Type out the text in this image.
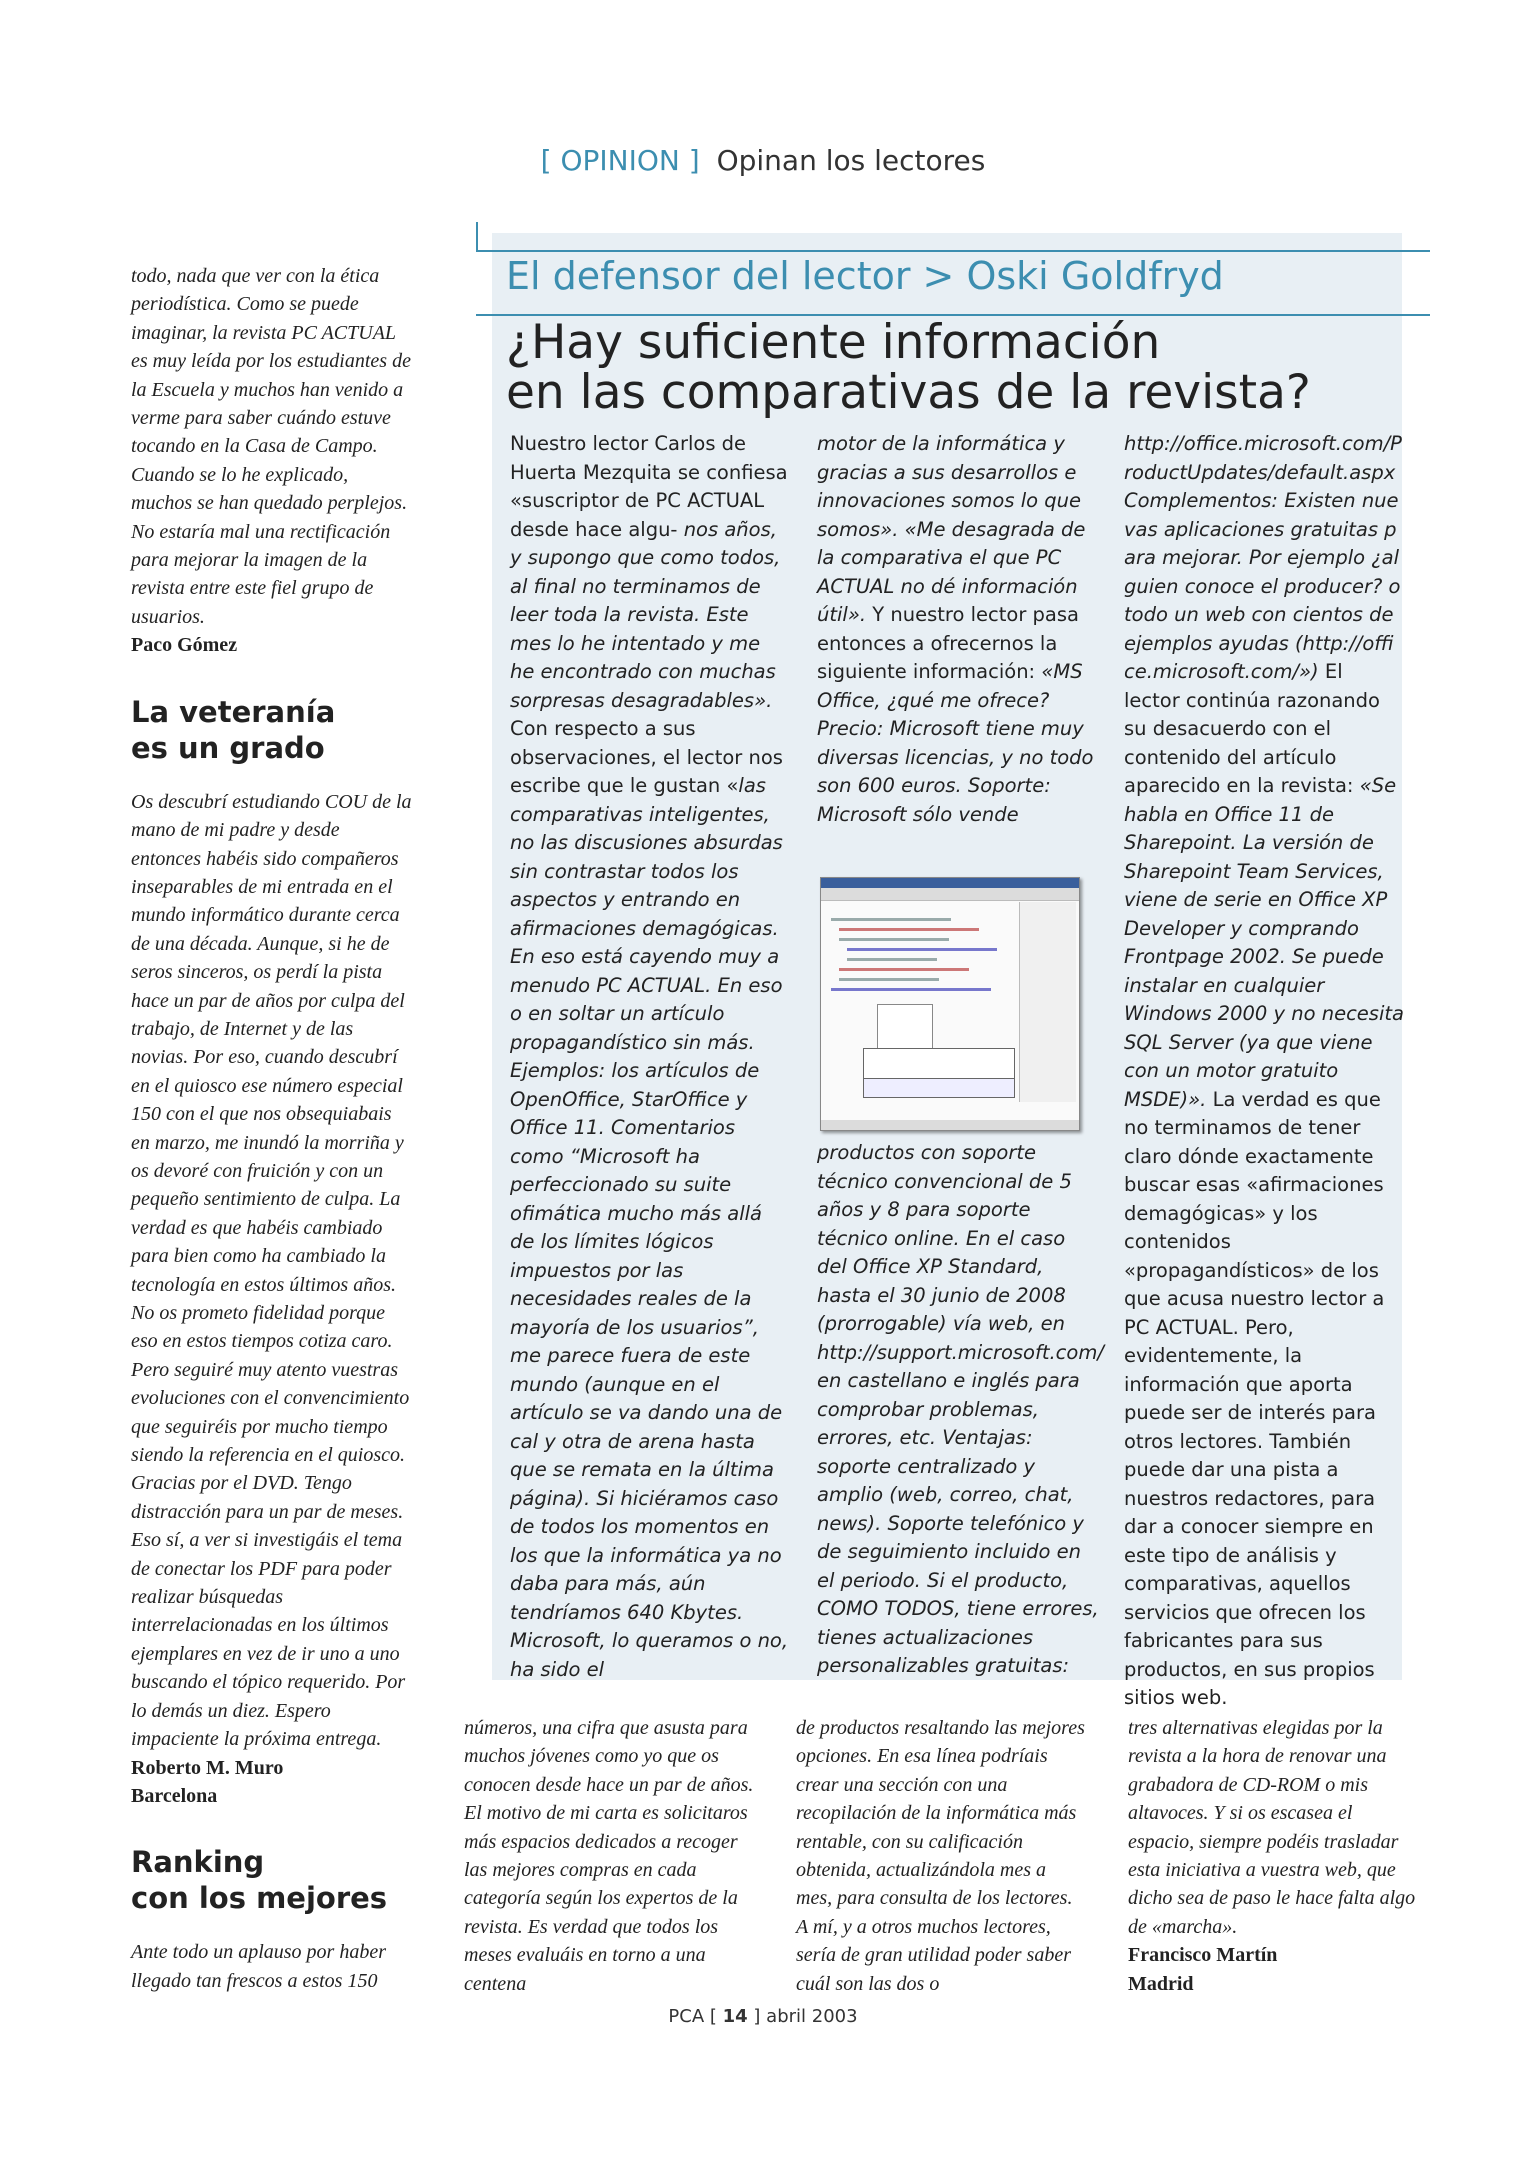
[ OPINION ] Opinan los lectores

todo, nada que ver con la ética periodística. Como se puede imaginar, la revista PC ACTUAL es muy leída por los estudiantes de la Escuela y muchos han venido a verme para saber cuándo estuve tocando en la Casa de Campo. Cuando se lo he explicado, muchos se han quedado perplejos. No estaría mal una rectificación para mejorar la imagen de la revista entre este fiel grupo de usuarios.

Paco Gómez

La veteranía
es un grado

Os descubrí estudiando COU de la mano de mi padre y desde entonces habéis sido compañeros inseparables de mi entrada en el mundo informático durante cerca de una década. Aunque, si he de seros sinceros, os perdí la pista hace un par de años por culpa del trabajo, de Internet y de las novias. Por eso, cuando descubrí en el quiosco ese número especial 150 con el que nos obsequiabais en marzo, me inundó la morriña y os devoré con fruición y con un pequeño sentimiento de culpa. La verdad es que habéis cambiado para bien como ha cambiado la tecnología en estos últimos años. No os prometo fidelidad porque eso en estos tiempos cotiza caro. Pero seguiré muy atento vuestras evoluciones con el convencimiento que seguiréis por mucho tiempo siendo la referencia en el quiosco. Gracias por el DVD. Tengo distracción para un par de meses. Eso sí, a ver si investigáis el tema de conectar los PDF para poder realizar búsquedas interrelacionadas en los últimos ejemplares en vez de ir uno a uno buscando el tópico requerido. Por lo demás un diez. Espero impaciente la próxima entrega.

Roberto M. Muro

Barcelona

Ranking
con los mejores

Ante todo un aplauso por haber llegado tan frescos a estos 150

El defensor del lector > Oski Goldfryd
¿Hay suficiente información
en las comparativas de la revista?
Nuestro lector Carlos de Huerta Mezquita se confiesa «suscriptor de PC ACTUAL desde hace algu- nos años, y supongo que como todos, al final no terminamos de leer toda la revista. Este mes lo he intentado y me he encontrado con muchas sorpresas desagradables». Con respecto a sus observaciones, el lector nos escribe que le gustan «las comparativas inteligentes, no las discusiones absurdas sin contrastar todos los aspectos y entrando en afirmaciones demagógicas. En eso está cayendo muy a menudo PC ACTUAL. En eso o en soltar un artículo propagandístico sin más. Ejemplos: los artículos de OpenOffice, StarOffice y Office 11. Comentarios como “Microsoft ha perfeccionado su suite ofimática mucho más allá de los límites lógicos impuestos por las necesidades reales de la mayoría de los usuarios”, me parece fuera de este mundo (aunque en el artículo se va dando una de cal y otra de arena hasta que se remata en la última página). Si hiciéramos caso de todos los momentos en los que la informática ya no daba para más, aún tendríamos 640 Kbytes. Microsoft, lo queramos o no, ha sido el
motor de la informática y gracias a sus desarrollos e innovaciones somos lo que somos». «Me desagrada de la comparativa el que PC ACTUAL no dé información útil». Y nuestro lector pasa entonces a ofrecernos la siguiente información: «MS Office, ¿qué me ofrece? Precio: Microsoft tiene muy diversas licencias, y no todo son 600 euros. Soporte: Microsoft sólo vende
productos con soporte técnico convencional de 5 años y 8 para soporte técnico online. En el caso del Office XP Standard, hasta el 30 junio de 2008 (prorrogable) vía web, en http://support.microsoft.com/ en castellano e inglés para comprobar problemas, errores, etc. Ventajas: soporte centralizado y amplio (web, correo, chat, news). Soporte telefónico y de seguimiento incluido en el periodo. Si el producto, COMO TODOS, tiene errores, tienes actualizaciones personalizables gratuitas:
http://office.microsoft.com/ProductUpdates/default.aspx Complementos: Existen nuevas aplicaciones gratuitas para mejorar. Por ejemplo ¿alguien conoce el producer? o todo un web con cientos de ejemplos ayudas (http://office.microsoft.com/») El lector continúa razonando su desacuerdo con el contenido del artículo aparecido en la revista: «Se habla en Office 11 de Sharepoint. La versión de Sharepoint Team Services, viene de serie en Office XP Developer y comprando Frontpage 2002. Se puede instalar en cualquier Windows 2000 y no necesita SQL Server (ya que viene con un motor gratuito MSDE)». La verdad es que no terminamos de tener claro dónde exactamente buscar esas «afirmaciones demagógicas» y los contenidos «propagandísticos» de los que acusa nuestro lector a PC ACTUAL. Pero, evidentemente, la información que aporta puede ser de interés para otros lectores. También puede dar una pista a nuestros redactores, para dar a conocer siempre en este tipo de análisis y comparativas, aquellos servicios que ofrecen los fabricantes para sus productos, en sus propios sitios web.
números, una cifra que asusta para muchos jóvenes como yo que os conocen desde hace un par de años. El motivo de mi carta es solicitaros más espacios dedicados a recoger las mejores compras en cada categoría según los expertos de la revista. Es verdad que todos los meses evaluáis en torno a una centena
de productos resaltando las mejores opciones. En esa línea podríais crear una sección con una recopilación de la informática más rentable, con su calificación obtenida, actualizándola mes a mes, para consulta de los lectores. A mí, y a otros muchos lectores, sería de gran utilidad poder saber cuál son las dos o
tres alternativas elegidas por la revista a la hora de renovar una grabadora de CD-ROM o mis altavoces. Y si os escasea el espacio, siempre podéis trasladar esta iniciativa a vuestra web, que dicho sea de paso le hace falta algo de «marcha».
Francisco Martín
Madrid
PCA [ 14 ] abril 2003
